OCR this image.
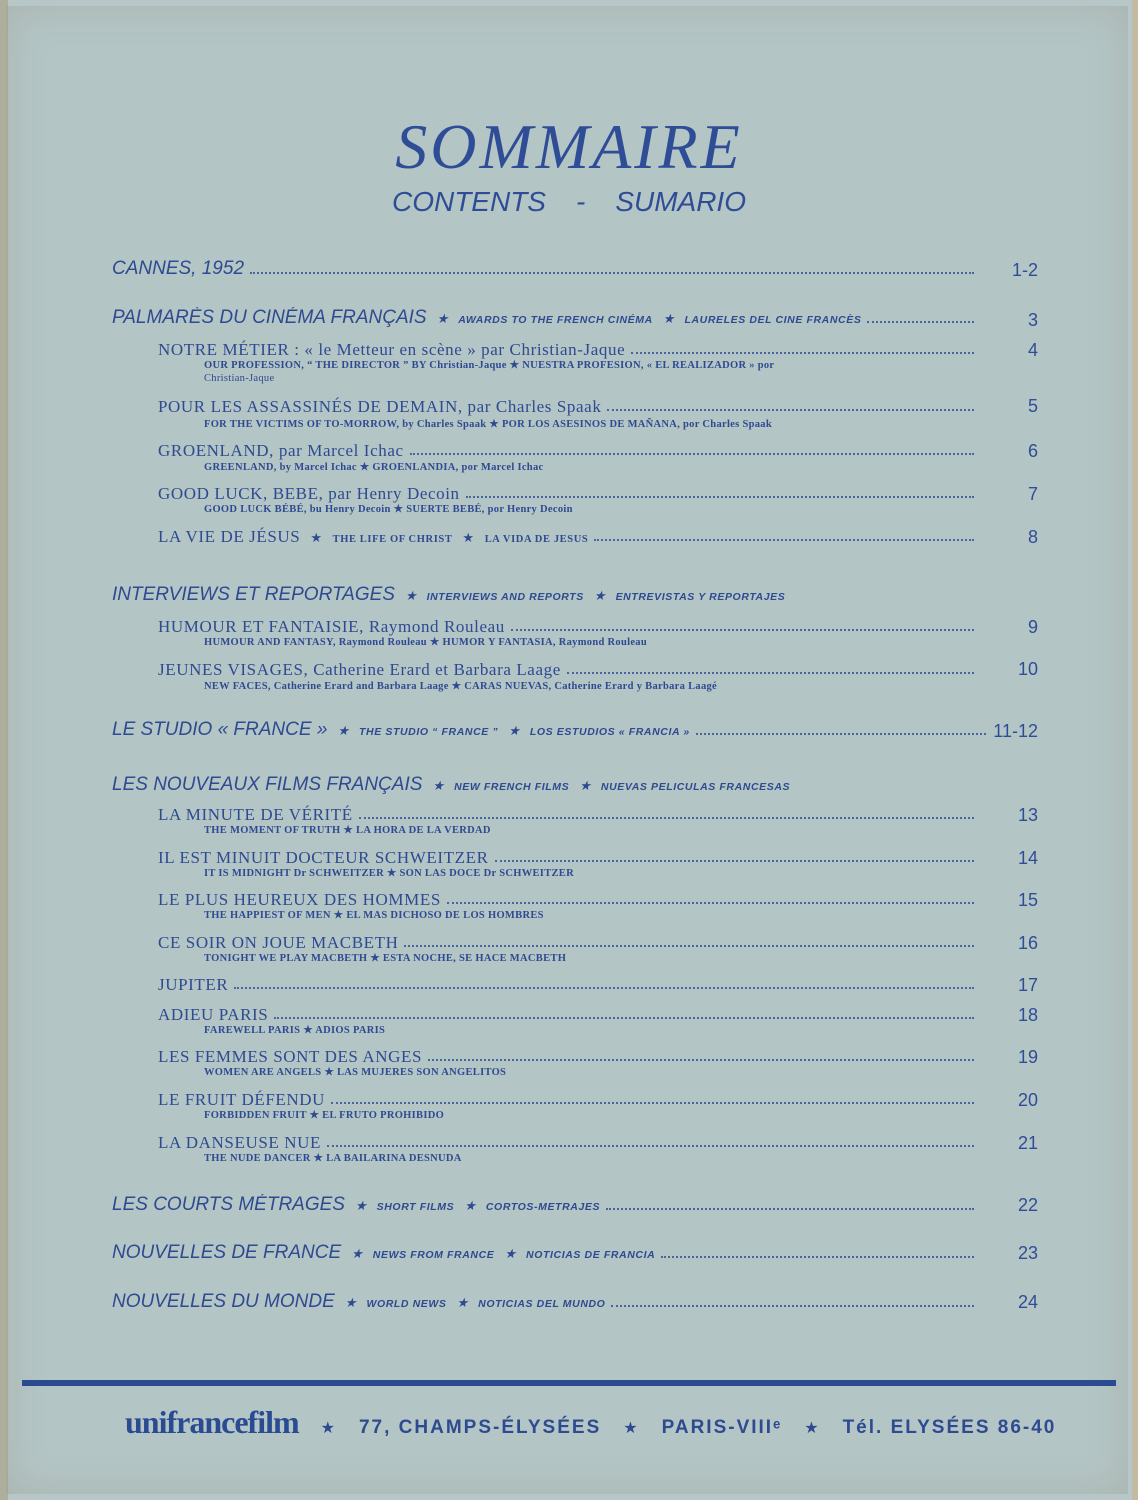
SOMMAIRE
CONTENTS - SUMARIO
CANNES, 1952	1-2
PALMARÈS DU CINÉMA FRANÇAIS ★ AWARDS TO THE FRENCH CINÉMA ★ LAURELES DEL CINE FRANCÈS	3
NOTRE MÉTIER : « le Metteur en scène » par Christian-Jaque	4
OUR PROFESSION, “ THE DIRECTOR ” BY Christian-Jaque ★ NUESTRA PROFESION, « EL REALIZADOR » por
Christian-Jaque
POUR LES ASSASSINÉS DE DEMAIN, par Charles Spaak	5
FOR THE VICTIMS OF TO-MORROW, by Charles Spaak ★ POR LOS ASESINOS DE MAÑANA, por Charles Spaak
GROENLAND, par Marcel Ichac	6
GREENLAND, by Marcel Ichac ★ GROENLANDIA, por Marcel Ichac
GOOD LUCK, BEBE, par Henry Decoin	7
GOOD LUCK BÉBÉ, bu Henry Decoin ★ SUERTE BEBÉ, por Henry Decoin
LA VIE DE JÉSUS ★ THE LIFE OF CHRIST ★ LA VIDA DE JESUS	8
INTERVIEWS ET REPORTAGES ★ INTERVIEWS AND REPORTS ★ ENTREVISTAS Y REPORTAJES
HUMOUR ET FANTAISIE, Raymond Rouleau	9
HUMOUR AND FANTASY, Raymond Rouleau ★ HUMOR Y FANTASIA, Raymond Rouleau
JEUNES VISAGES, Catherine Erard et Barbara Laage	10
NEW FACES, Catherine Erard and Barbara Laage ★ CARAS NUEVAS, Catherine Erard y Barbara Laagé
LE STUDIO « FRANCE » ★ THE STUDIO “ FRANCE ” ★ LOS ESTUDIOS « FRANCIA »	11-12
LES NOUVEAUX FILMS FRANÇAIS ★ NEW FRENCH FILMS ★ NUEVAS PELICULAS FRANCESAS
LA MINUTE DE VÉRITÉ	13
THE MOMENT OF TRUTH ★ LA HORA DE LA VERDAD
IL EST MINUIT DOCTEUR SCHWEITZER	14
IT IS MIDNIGHT Dr SCHWEITZER ★ SON LAS DOCE Dr SCHWEITZER
LE PLUS HEUREUX DES HOMMES	15
THE HAPPIEST OF MEN ★ EL MAS DICHOSO DE LOS HOMBRES
CE SOIR ON JOUE MACBETH	16
TONIGHT WE PLAY MACBETH ★ ESTA NOCHE, SE HACE MACBETH
JUPITER	17
ADIEU PARIS	18
FAREWELL PARIS ★ ADIOS PARIS
LES FEMMES SONT DES ANGES	19
WOMEN ARE ANGELS ★ LAS MUJERES SON ANGELITOS
LE FRUIT DÉFENDU	20
FORBIDDEN FRUIT ★ EL FRUTO PROHIBIDO
LA DANSEUSE NUE	21
THE NUDE DANCER ★ LA BAILARINA DESNUDA
LES COURTS MÉTRAGES ★ SHORT FILMS ★ CORTOS-METRAJES	22
NOUVELLES DE FRANCE ★ NEWS FROM FRANCE ★ NOTICIAS DE FRANCIA	23
NOUVELLES DU MONDE ★ WORLD NEWS ★ NOTICIAS DEL MUNDO	24
unifrancefilm ★ 77, CHAMPS-ÉLYSÉES ★ PARIS-VIIIᵉ ★ Tél. ELYSÉES 86-40
